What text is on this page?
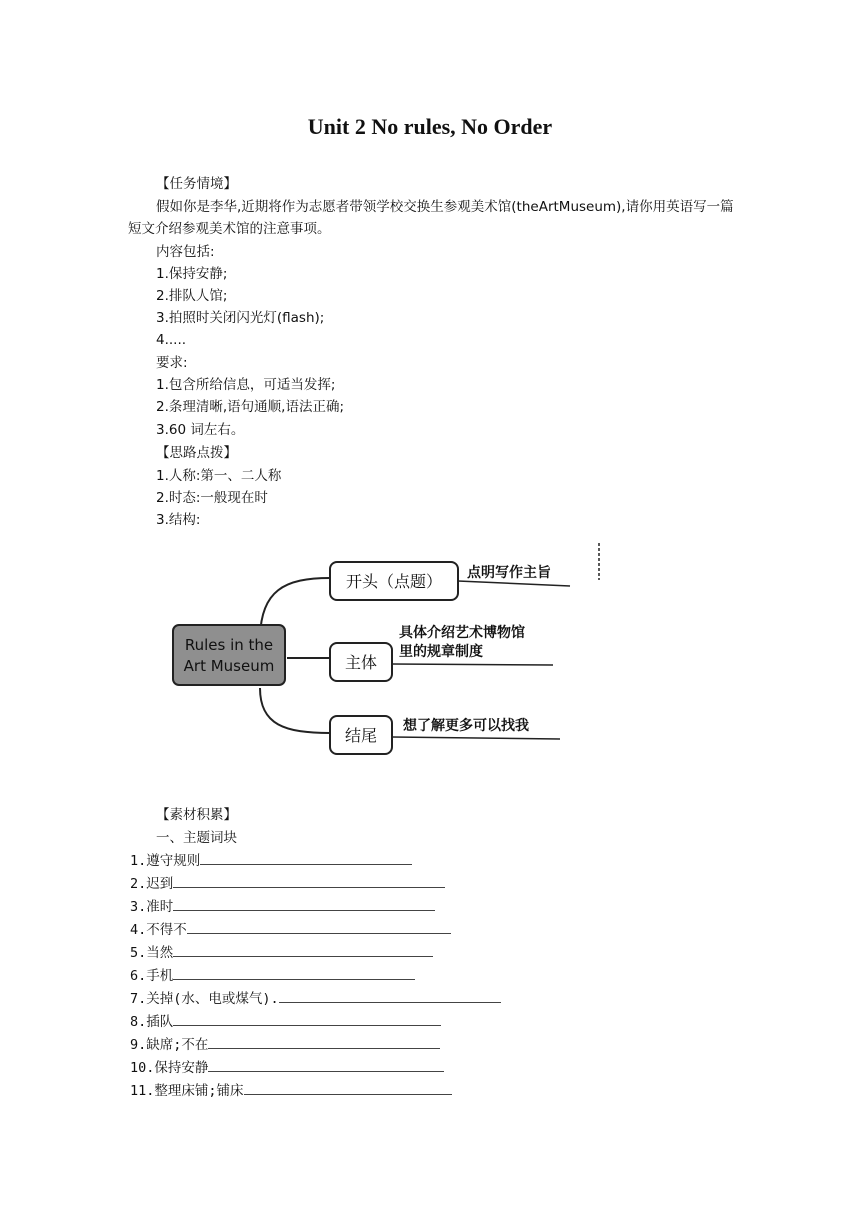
Unit 2 No rules, No Order
【任务情境】
假如你是李华,近期将作为志愿者带领学校交换生参观美术馆(theArtMuseum),请你用英语写一篇短文介绍参观美术馆的注意事项。
内容包括:
1.保持安静;
2.排队人馆;
3.拍照时关闭闪光灯(flash);
4.....
要求:
1.包含所给信息，可适当发挥;
2.条理清晰,语句通顺,语法正确;
3.60 词左右。
【思路点拨】
1.人称:第一、二人称
2.时态:一般现在时
3.结构:
Rules in the
Art Museum
开头（点题） 点明写作主旨
主体
具体介绍艺术博物馆
里的规章制度
结尾 想了解更多可以找我
【素材积累】
一、主题词块
1.遵守规则
2.迟到
3.准时
4.不得不
5.当然
6.手机
7.关掉(水、电或煤气).
8.插队
9.缺席;不在
10.保持安静
11.整理床铺;铺床
